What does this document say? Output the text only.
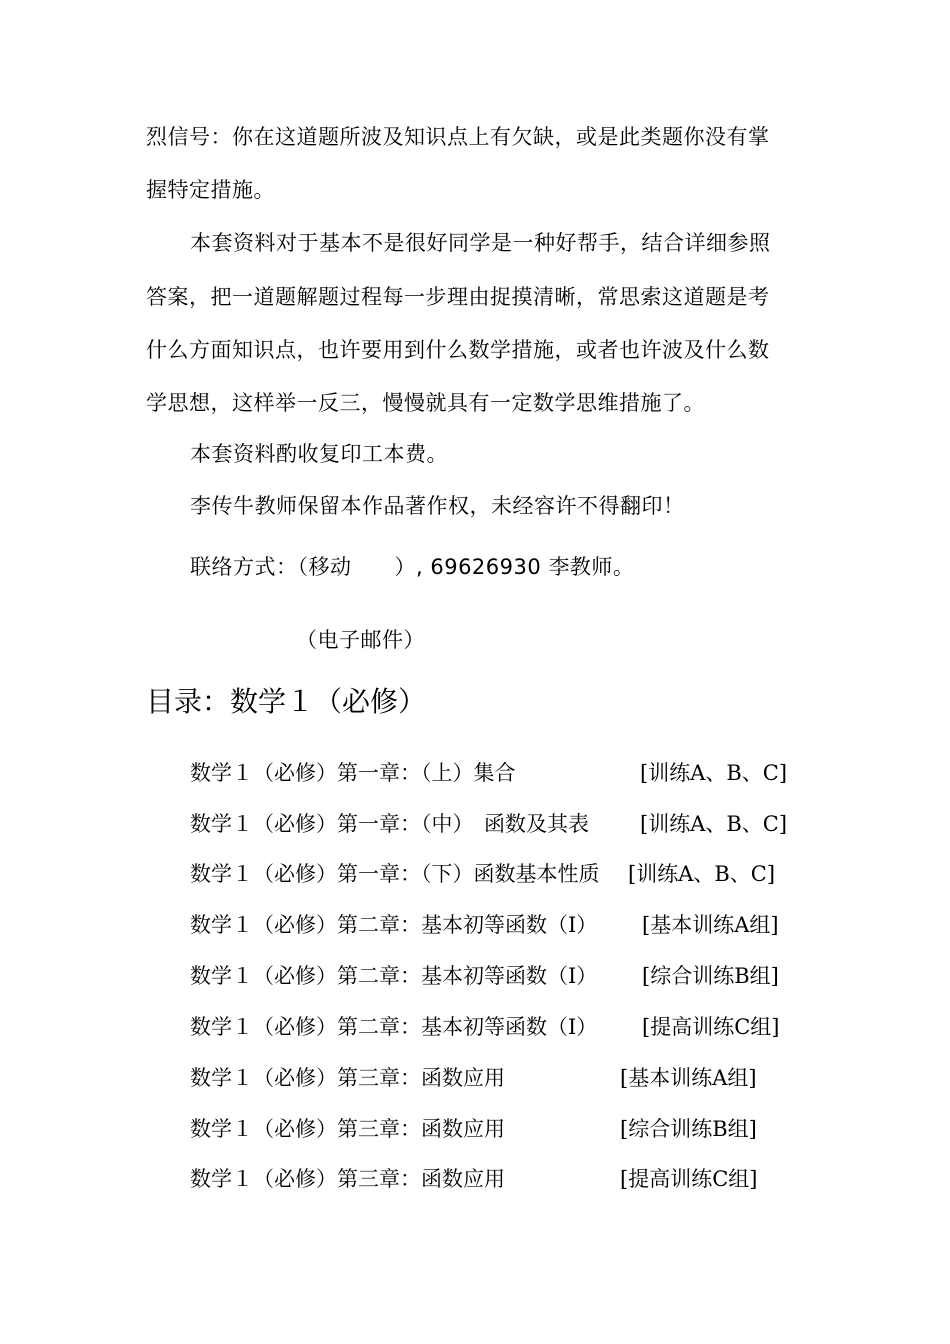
烈信号：你在这道题所波及知识点上有欠缺，或是此类题你没有掌
握特定措施。
本套资料对于基本不是很好同学是一种好帮手，结合详细参照
答案，把一道题解题过程每一步理由捉摸清晰，常思索这道题是考
什么方面知识点，也许要用到什么数学措施，或者也许波及什么数
学思想，这样举一反三，慢慢就具有一定数学思维措施了。
本套资料酌收复印工本费。
李传牛教师保留本作品著作权，未经容许不得翻印！
联络方式：（移动　　）, 69626930 李教师。
（电子邮件）
目录：数学１（必修）
数学１（必修）第一章：（上）集合	[训练A、B、C]
数学１（必修）第一章：（中）　函数及其表 [训练A、B、C]
数学１（必修）第一章：（下）函数基本性质 [训练A、B、C]
数学１（必修）第二章：基本初等函数（I） [基本训练A组]
数学１（必修）第二章：基本初等函数（I） [综合训练B组]
数学１（必修）第二章：基本初等函数（I） [提高训练C组]
数学１（必修）第三章：函数应用	[基本训练A组]
数学１（必修）第三章：函数应用	[综合训练B组]
数学１（必修）第三章：函数应用	[提高训练C组]
